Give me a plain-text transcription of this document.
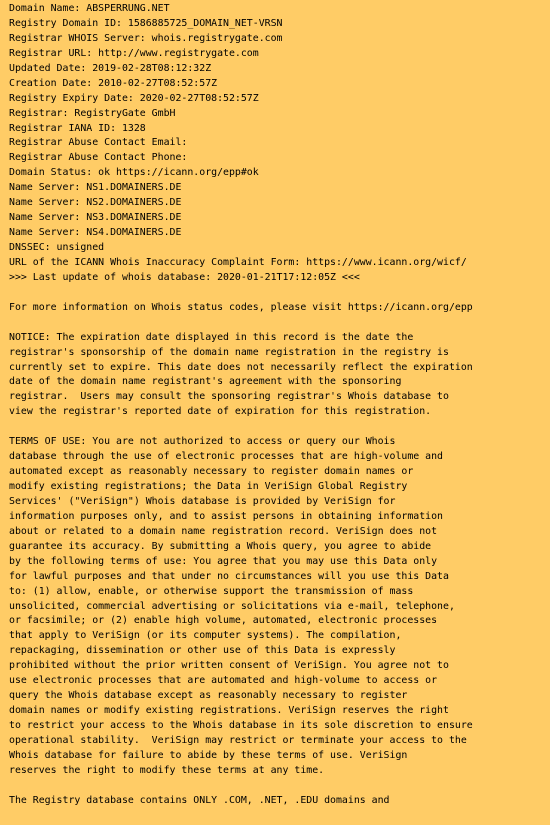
Domain Name: ABSPERRUNG.NET
Registry Domain ID: 1586885725_DOMAIN_NET-VRSN
Registrar WHOIS Server: whois.registrygate.com
Registrar URL: http://www.registrygate.com
Updated Date: 2019-02-28T08:12:32Z
Creation Date: 2010-02-27T08:52:57Z
Registry Expiry Date: 2020-02-27T08:52:57Z
Registrar: RegistryGate GmbH
Registrar IANA ID: 1328
Registrar Abuse Contact Email:
Registrar Abuse Contact Phone:
Domain Status: ok https://icann.org/epp#ok
Name Server: NS1.DOMAINERS.DE
Name Server: NS2.DOMAINERS.DE
Name Server: NS3.DOMAINERS.DE
Name Server: NS4.DOMAINERS.DE
DNSSEC: unsigned
URL of the ICANN Whois Inaccuracy Complaint Form: https://www.icann.org/wicf/
>>> Last update of whois database: 2020-01-21T17:12:05Z <<<
For more information on Whois status codes, please visit https://icann.org/epp
NOTICE: The expiration date displayed in this record is the date the
registrar's sponsorship of the domain name registration in the registry is
currently set to expire. This date does not necessarily reflect the expiration
date of the domain name registrant's agreement with the sponsoring
registrar.  Users may consult the sponsoring registrar's Whois database to
view the registrar's reported date of expiration for this registration.
TERMS OF USE: You are not authorized to access or query our Whois
database through the use of electronic processes that are high-volume and
automated except as reasonably necessary to register domain names or
modify existing registrations; the Data in VeriSign Global Registry
Services' ("VeriSign") Whois database is provided by VeriSign for
information purposes only, and to assist persons in obtaining information
about or related to a domain name registration record. VeriSign does not
guarantee its accuracy. By submitting a Whois query, you agree to abide
by the following terms of use: You agree that you may use this Data only
for lawful purposes and that under no circumstances will you use this Data
to: (1) allow, enable, or otherwise support the transmission of mass
unsolicited, commercial advertising or solicitations via e-mail, telephone,
or facsimile; or (2) enable high volume, automated, electronic processes
that apply to VeriSign (or its computer systems). The compilation,
repackaging, dissemination or other use of this Data is expressly
prohibited without the prior written consent of VeriSign. You agree not to
use electronic processes that are automated and high-volume to access or
query the Whois database except as reasonably necessary to register
domain names or modify existing registrations. VeriSign reserves the right
to restrict your access to the Whois database in its sole discretion to ensure
operational stability.  VeriSign may restrict or terminate your access to the
Whois database for failure to abide by these terms of use. VeriSign
reserves the right to modify these terms at any time.
The Registry database contains ONLY .COM, .NET, .EDU domains and
